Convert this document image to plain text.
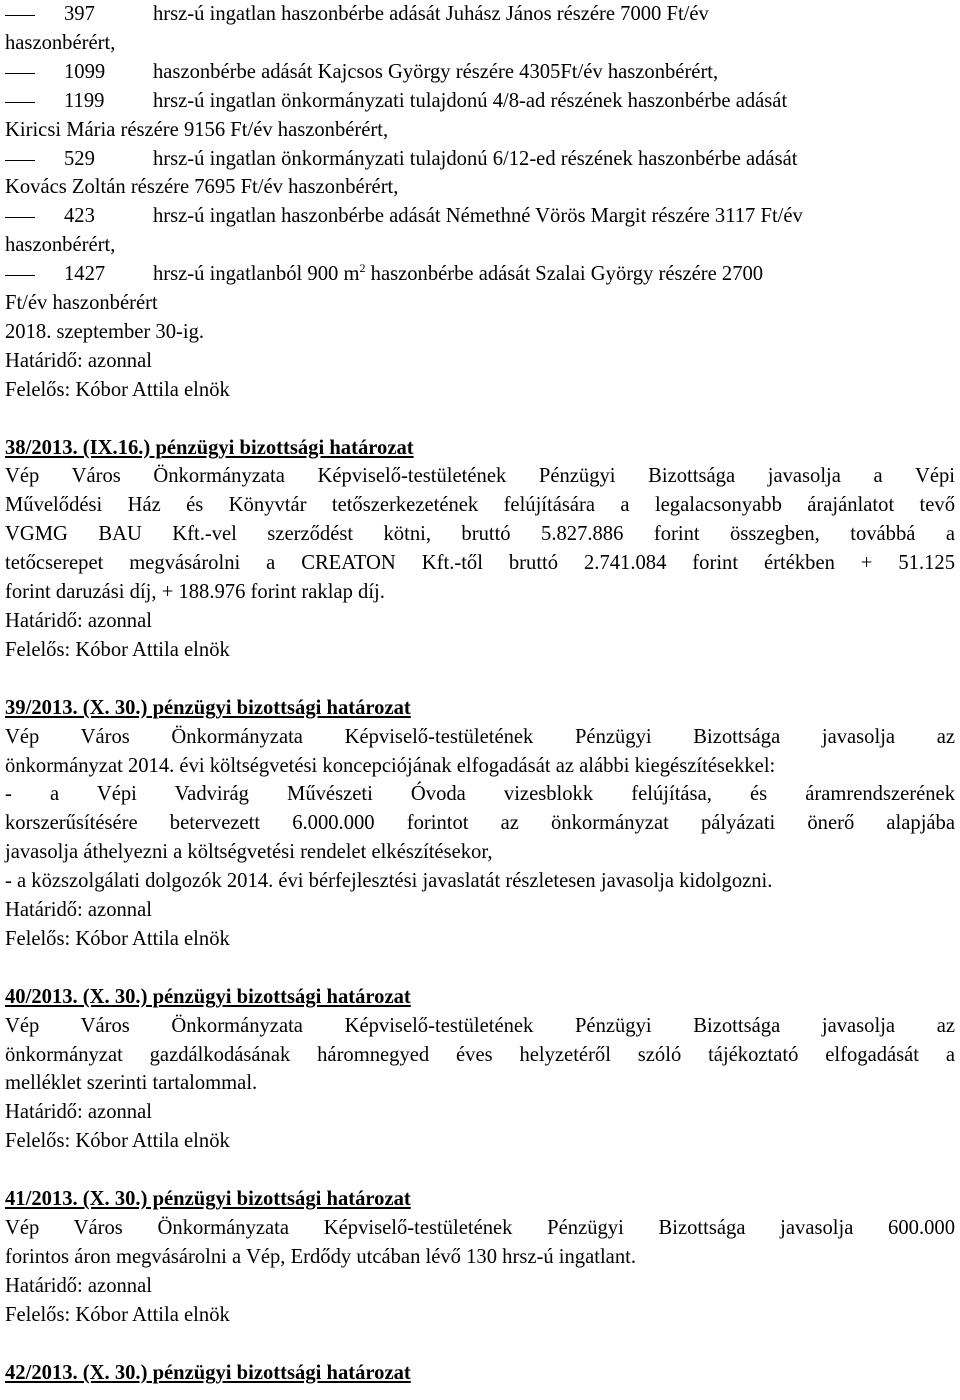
397	hrsz-ú ingatlan haszonbérbe adását Juhász János részére 7000 Ft/év
haszonbérért,
1099 haszonbérbe adását Kajcsos György részére 4305Ft/év haszonbérért,
1199 hrsz-ú ingatlan önkormányzati tulajdonú 4/8-ad részének haszonbérbe adását
Kiricsi Mária részére 9156 Ft/év haszonbérért,
529	hrsz-ú ingatlan önkormányzati tulajdonú 6/12-ed részének haszonbérbe adását
Kovács Zoltán részére 7695 Ft/év haszonbérért,
423	hrsz-ú ingatlan haszonbérbe adását Némethné Vörös Margit részére 3117 Ft/év
haszonbérért,
1427 hrsz-ú ingatlanból 900 $m^2$ haszonbérbe adását Szalai György részére 2700
Ft/év haszonbérért
2018. szeptember 30-ig.
Határidő: azonnal
Felelős: Kóbor Attila elnök
38/2013. (IX.16.) pénzügyi bizottsági határozat
Vép Város Önkormányzata Képviselő-testületének Pénzügyi Bizottsága javasolja a Vépi
Művelődési Ház és Könyvtár tetőszerkezetének felújítására a legalacsonyabb árajánlatot tevő
VGMG BAU Kft.-vel szerződést kötni, bruttó 5.827.886 forint összegben, továbbá a
tetőcserepet megvásárolni a CREATON Kft.-től bruttó 2.741.084 forint értékben + 51.125
forint daruzási díj, + 188.976 forint raklap díj.
Határidő: azonnal
Felelős: Kóbor Attila elnök
39/2013. (X. 30.) pénzügyi bizottsági határozat
Vép Város Önkormányzata Képviselő-testületének Pénzügyi Bizottsága javasolja az
önkormányzat 2014. évi költségvetési koncepciójának elfogadását az alábbi kiegészítésekkel:
- a Vépi Vadvirág Művészeti Óvoda vizesblokk felújítása, és áramrendszerének
korszerűsítésére betervezett 6.000.000 forintot az önkormányzat pályázati önerő alapjába
javasolja áthelyezni a költségvetési rendelet elkészítésekor,
- a közszolgálati dolgozók 2014. évi bérfejlesztési javaslatát részletesen javasolja kidolgozni.
Határidő: azonnal
Felelős: Kóbor Attila elnök
40/2013. (X. 30.) pénzügyi bizottsági határozat
Vép Város Önkormányzata Képviselő-testületének Pénzügyi Bizottsága javasolja az
önkormányzat gazdálkodásának háromnegyed éves helyzetéről szóló tájékoztató elfogadását a
melléklet szerinti tartalommal.
Határidő: azonnal
Felelős: Kóbor Attila elnök
41/2013. (X. 30.) pénzügyi bizottsági határozat
Vép Város Önkormányzata Képviselő-testületének Pénzügyi Bizottsága javasolja 600.000
forintos áron megvásárolni a Vép, Erdődy utcában lévő 130 hrsz-ú ingatlant.
Határidő: azonnal
Felelős: Kóbor Attila elnök
42/2013. (X. 30.) pénzügyi bizottsági határozat
